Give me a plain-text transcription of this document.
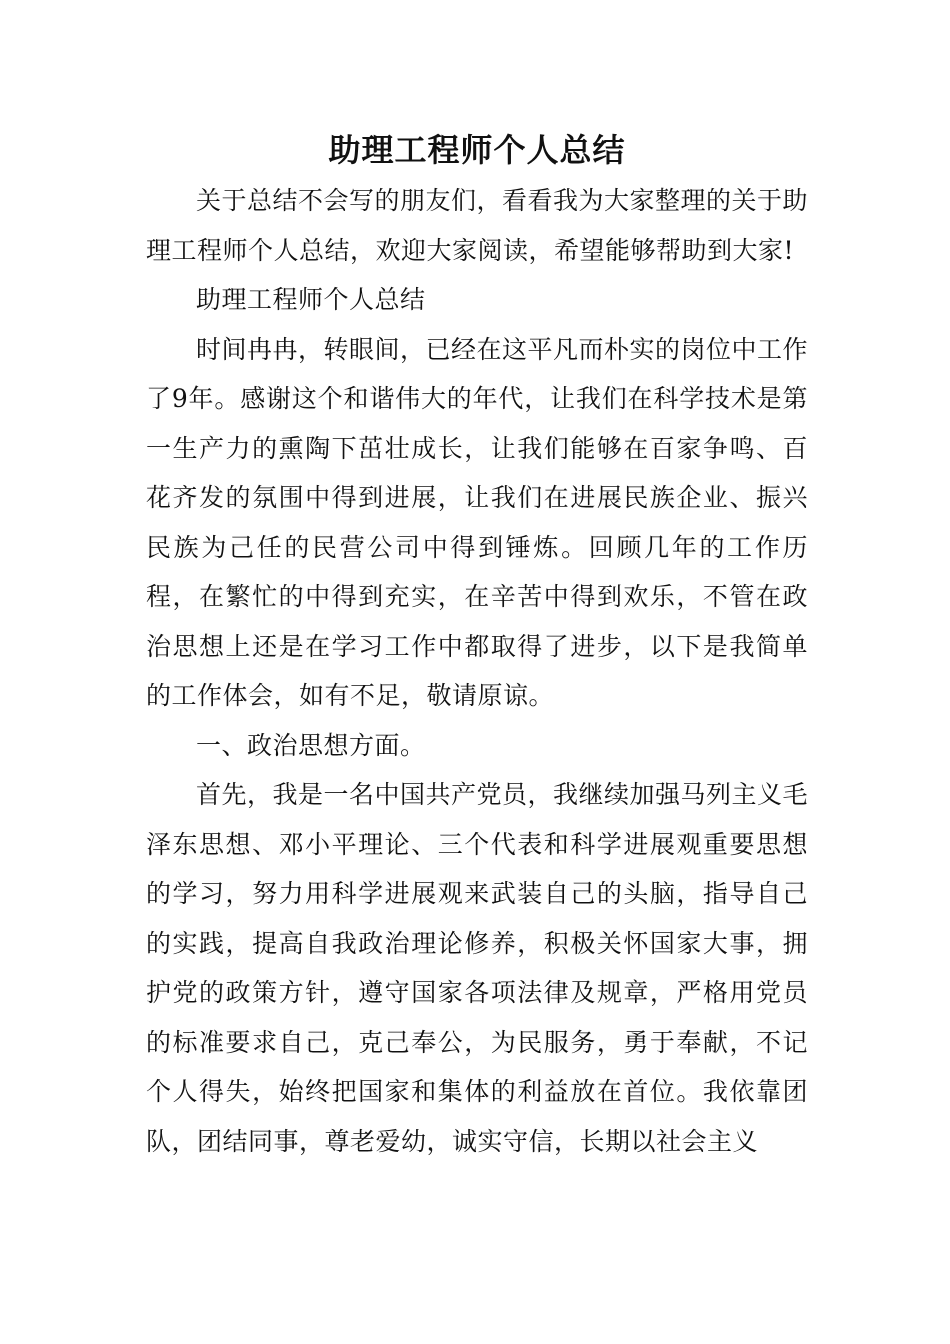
助理工程师个人总结

关于总结不会写的朋友们，看看我为大家整理的关于助理工程师个人总结，欢迎大家阅读，希望能够帮助到大家!

助理工程师个人总结

时间冉冉，转眼间，已经在这平凡而朴实的岗位中工作了9年。感谢这个和谐伟大的年代，让我们在科学技术是第一生产力的熏陶下茁壮成长，让我们能够在百家争鸣、百花齐发的氛围中得到进展，让我们在进展民族企业、振兴民族为己任的民营公司中得到锤炼。回顾几年的工作历程，在繁忙的中得到充实，在辛苦中得到欢乐，不管在政治思想上还是在学习工作中都取得了进步，以下是我简单的工作体会，如有不足，敬请原谅。

一、政治思想方面。

首先，我是一名中国共产党员，我继续加强马列主义毛泽东思想、邓小平理论、三个代表和科学进展观重要思想的学习，努力用科学进展观来武装自己的头脑，指导自己的实践，提高自我政治理论修养，积极关怀国家大事，拥护党的政策方针，遵守国家各项法律及规章，严格用党员的标准要求自己，克己奉公，为民服务，勇于奉献，不记个人得失，始终把国家和集体的利益放在首位。我依靠团队，团结同事，尊老爱幼，诚实守信，长期以社会主义
